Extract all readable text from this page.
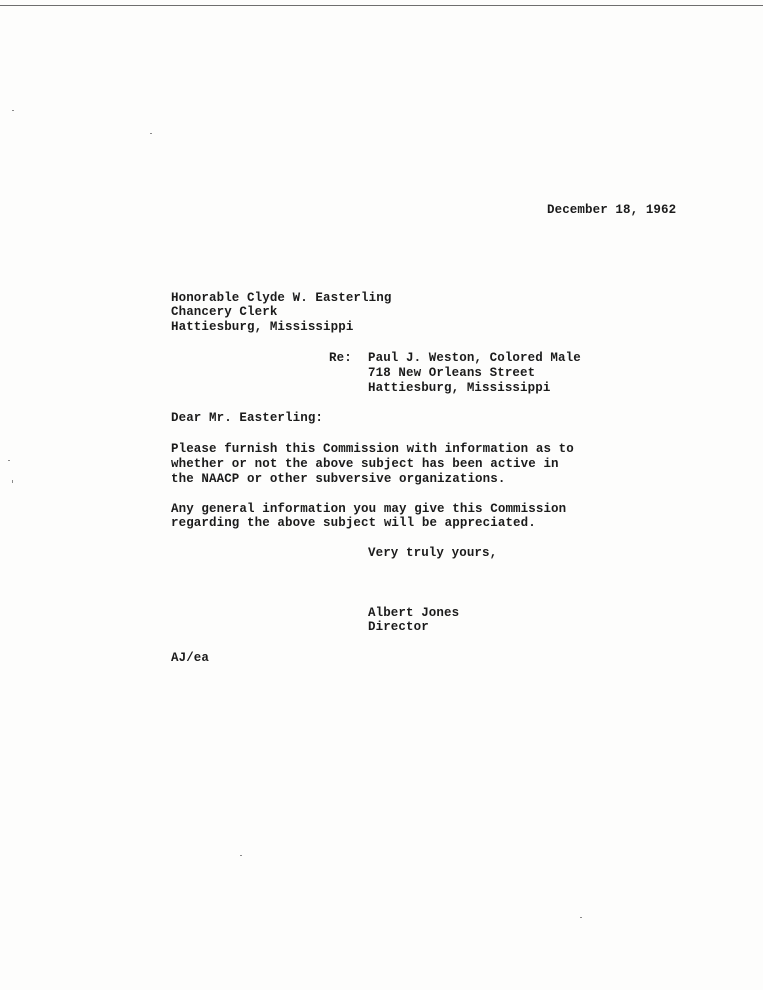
December 18, 1962

Honorable Clyde W. Easterling

Chancery Clerk

Hattiesburg, Mississippi

Re: Paul J. Weston, Colored Male

718 New Orleans Street

Hattiesburg, Mississippi

Dear Mr. Easterling:

Please furnish this Commission with information as to

whether or not the above subject has been active in

the NAACP or other subversive organizations.

Any general information you may give this Commission

regarding the above subject will be appreciated.

Very truly yours,

Albert Jones

Director

AJ/ea
